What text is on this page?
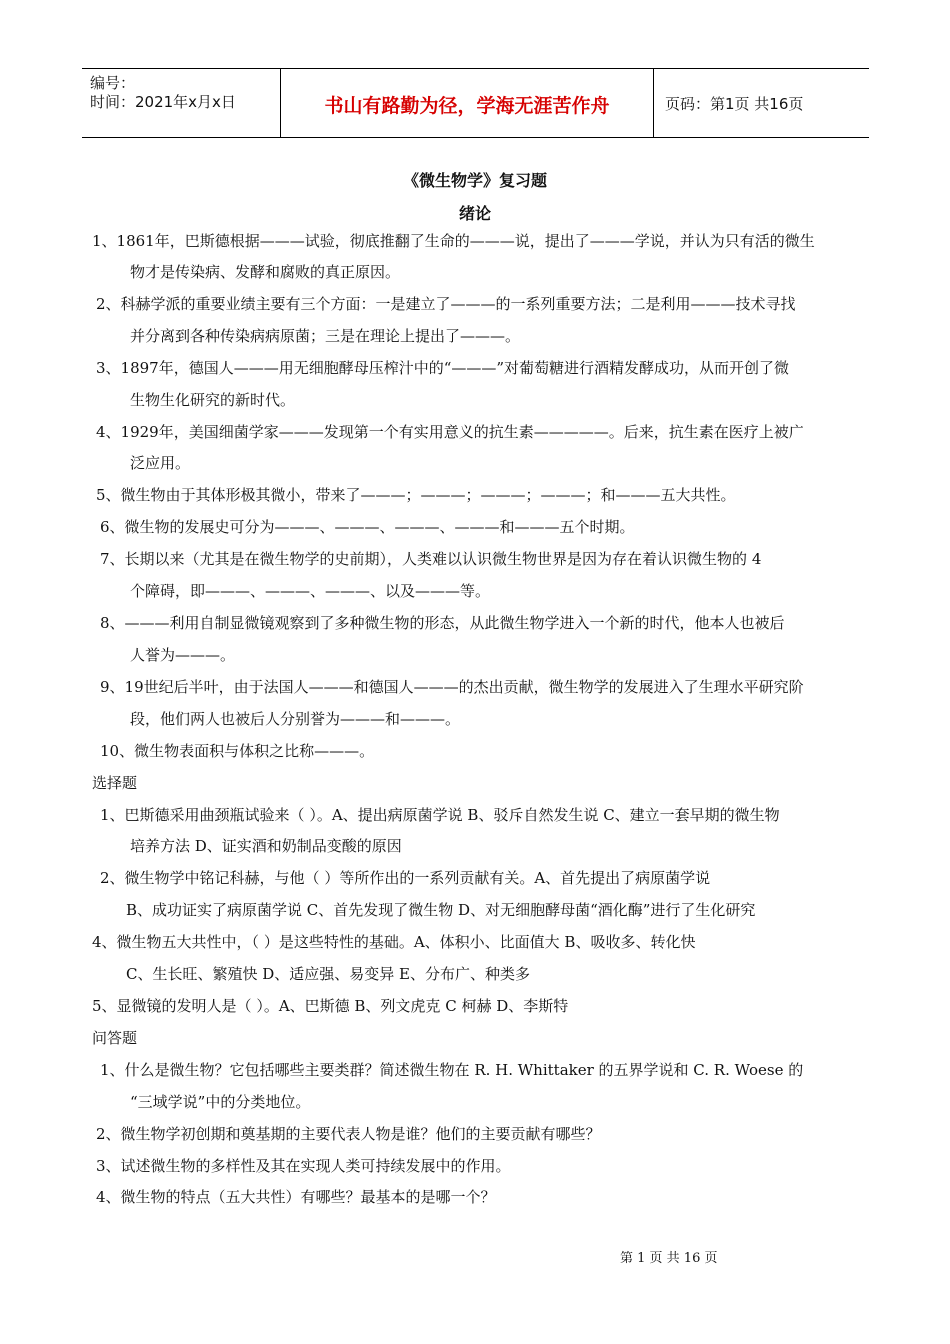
编号：
时间：2021年x月x日	书山有路勤为径，学海无涯苦作舟	页码：第1页 共16页
《微生物学》复习题
绪论
1、1861年，巴斯德根据———试验，彻底推翻了生命的———说，提出了———学说，并认为只有活的微生
物才是传染病、发酵和腐败的真正原因。
2、科赫学派的重要业绩主要有三个方面：一是建立了———的一系列重要方法；二是利用———技术寻找
并分离到各种传染病病原菌；三是在理论上提出了———。
3、1897年，德国人———用无细胞酵母压榨汁中的“———”对葡萄糖进行酒精发酵成功，从而开创了微
生物生化研究的新时代。
4、1929年，美国细菌学家———发现第一个有实用意义的抗生素—————。后来，抗生素在医疗上被广
泛应用。
5、微生物由于其体形极其微小，带来了———；———；———；———；和———五大共性。
6、微生物的发展史可分为———、———、———、———和———五个时期。
7、长期以来（尤其是在微生物学的史前期），人类难以认识微生物世界是因为存在着认识微生物的 4
个障碍，即———、———、———、以及———等。
8、———利用自制显微镜观察到了多种微生物的形态，从此微生物学进入一个新的时代，他本人也被后
人誉为———。
9、19世纪后半叶，由于法国人———和德国人———的杰出贡献，微生物学的发展进入了生理水平研究阶
段，他们两人也被后人分别誉为———和———。
10、微生物表面积与体积之比称———。
选择题
1、巴斯德采用曲颈瓶试验来（ ）。A、提出病原菌学说 B、驳斥自然发生说 C、建立一套早期的微生物
培养方法 D、证实酒和奶制品变酸的原因
2、微生物学中铭记科赫，与他（ ）等所作出的一系列贡献有关。A、首先提出了病原菌学说
B、成功证实了病原菌学说 C、首先发现了微生物 D、对无细胞酵母菌“酒化酶”进行了生化研究
4、微生物五大共性中，（ ）是这些特性的基础。A、体积小、比面值大 B、吸收多、转化快
C、生长旺、繁殖快 D、适应强、易变异 E、分布广、种类多
5、显微镜的发明人是（ ）。A、巴斯德 B、列文虎克 C 柯赫 D、李斯特
问答题
1、什么是微生物？它包括哪些主要类群？简述微生物在 R. H. Whittaker 的五界学说和 C. R. Woese 的
“三域学说”中的分类地位。
2、微生物学初创期和奠基期的主要代表人物是谁？他们的主要贡献有哪些？
3、试述微生物的多样性及其在实现人类可持续发展中的作用。
4、微生物的特点（五大共性）有哪些？最基本的是哪一个？
第 1 页 共 16 页
